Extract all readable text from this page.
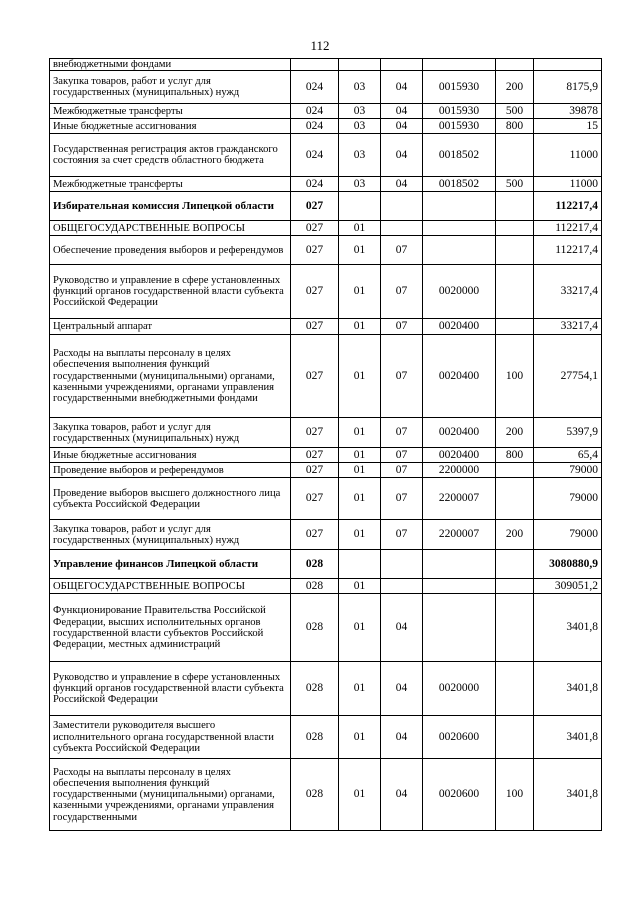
112
внебюджетными фондами						
Закупка товаров, работ и услуг для государственных (муниципальных) нужд	024	03	04	0015930	200	8175,9
Межбюджетные трансферты	024	03	04	0015930	500	39878
Иные бюджетные ассигнования	024	03	04	0015930	800	15
Государственная регистрация актов гражданского состояния за счет средств областного бюджета	024	03	04	0018502		11000
Межбюджетные трансферты	024	03	04	0018502	500	11000
Избирательная комиссия Липецкой области	027					112217,4
ОБЩЕГОСУДАРСТВЕННЫЕ ВОПРОСЫ	027	01				112217,4
Обеспечение проведения выборов и референдумов	027	01	07			112217,4
Руководство и управление в сфере установленных функций органов государственной власти субъекта Российской Федерации	027	01	07	0020000		33217,4
Центральный аппарат	027	01	07	0020400		33217,4
Расходы на выплаты персоналу в целях обеспечения выполнения функций государственными (муниципальными) органами, казенными учреждениями, органами управления государственными внебюджетными фондами	027	01	07	0020400	100	27754,1
Закупка товаров, работ и услуг для государственных (муниципальных) нужд	027	01	07	0020400	200	5397,9
Иные бюджетные ассигнования	027	01	07	0020400	800	65,4
Проведение выборов и референдумов	027	01	07	2200000		79000
Проведение выборов высшего должностного лица субъекта Российской Федерации	027	01	07	2200007		79000
Закупка товаров, работ и услуг для государственных (муниципальных) нужд	027	01	07	2200007	200	79000
Управление финансов Липецкой области	028					3080880,9
ОБЩЕГОСУДАРСТВЕННЫЕ ВОПРОСЫ	028	01				309051,2
Функционирование Правительства Российской Федерации, высших исполнительных органов государственной власти субъектов Российской Федерации, местных администраций	028	01	04			3401,8
Руководство и управление в сфере установленных функций органов государственной власти субъекта Российской Федерации	028	01	04	0020000		3401,8
Заместители руководителя высшего исполнительного органа государственной власти субъекта Российской Федерации	028	01	04	0020600		3401,8
Расходы на выплаты персоналу в целях обеспечения выполнения функций государственными (муниципальными) органами, казенными учреждениями, органами управления государственными	028	01	04	0020600	100	3401,8
